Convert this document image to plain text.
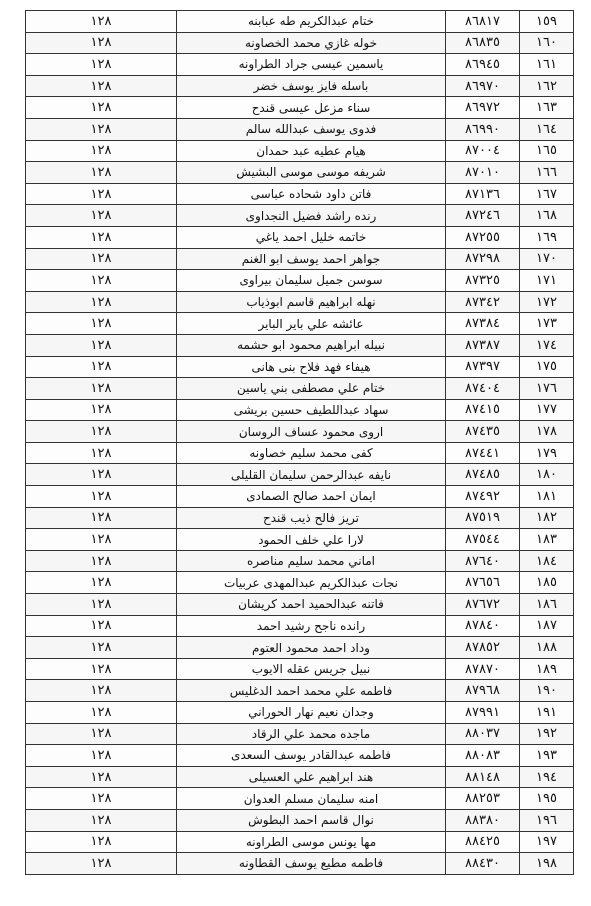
١٥٩	٨٦٨١٧	ختام عبدالكريم طه عبابنه	١٢٨
١٦٠	٨٦٨٣٥	خوله غازي محمد الخصاونه	١٢٨
١٦١	٨٦٩٤٥	ياسمين عيسى جراد الطراونه	١٢٨
١٦٢	٨٦٩٧٠	باسله فايز يوسف خضر	١٢٨
١٦٣	٨٦٩٧٢	سناء مزعل عيسى قندح	١٢٨
١٦٤	٨٦٩٩٠	فدوى يوسف عبدالله سالم	١٢٨
١٦٥	٨٧٠٠٤	هيام عطيه عبد حمدان	١٢٨
١٦٦	٨٧٠١٠	شريفه موسى موسى البشيش	١٢٨
١٦٧	٨٧١٣٦	فاتن داود شحاده عباسى	١٢٨
١٦٨	٨٧٢٤٦	رنده راشد فضيل النجداوى	١٢٨
١٦٩	٨٧٢٥٥	خاتمه خليل احمد ياغي	١٢٨
١٧٠	٨٧٢٩٨	جواهر احمد يوسف ابو الغنم	١٢٨
١٧١	٨٧٣٢٥	سوسن جميل سليمان بيراوى	١٢٨
١٧٢	٨٧٣٤٢	نهله ابراهيم قاسم ابوذياب	١٢٨
١٧٣	٨٧٣٨٤	عائشه علي باير الباير	١٢٨
١٧٤	٨٧٣٨٧	نبيله ابراهيم محمود ابو حشمه	١٢٨
١٧٥	٨٧٣٩٧	هيفاء فهد فلاح بنى هانى	١٢٨
١٧٦	٨٧٤٠٤	ختام علي مصطفى بني ياسين	١٢٨
١٧٧	٨٧٤١٥	سهاد عبداللطيف حسين بريشى	١٢٨
١٧٨	٨٧٤٣٥	اروى محمود عساف الروسان	١٢٨
١٧٩	٨٧٤٤١	كفى محمد سليم خصاونه	١٢٨
١٨٠	٨٧٤٨٥	نايفه عبدالرحمن سليمان القليلى	١٢٨
١٨١	٨٧٤٩٢	ايمان احمد صالح الصمادى	١٢٨
١٨٢	٨٧٥١٩	تريز فالح ذيب قندح	١٢٨
١٨٣	٨٧٥٤٤	لارا علي خلف الحمود	١٢٨
١٨٤	٨٧٦٤٠	اماني محمد سليم مناصره	١٢٨
١٨٥	٨٧٦٥٦	نجات عبدالكريم عبدالمهدى عربيات	١٢٨
١٨٦	٨٧٦٧٢	فاتنه عبدالحميد احمد كريشان	١٢٨
١٨٧	٨٧٨٤٠	رانده ناجح رشيد احمد	١٢٨
١٨٨	٨٧٨٥٢	وداد احمد محمود العتوم	١٢٨
١٨٩	٨٧٨٧٠	نبيل جريس عقله الايوب	١٢٨
١٩٠	٨٧٩٦٨	فاطمه علي محمد احمد الدغليس	١٢٨
١٩١	٨٧٩٩١	وجدان نعيم نهار الحوراني	١٢٨
١٩٢	٨٨٠٣٧	ماجده محمد علي الرقاد	١٢٨
١٩٣	٨٨٠٨٣	فاطمه عبدالقادر يوسف السعدى	١٢٨
١٩٤	٨٨١٤٨	هند ابراهيم علي العسيلى	١٢٨
١٩٥	٨٨٢٥٣	امنه سليمان مسلم العدوان	١٢٨
١٩٦	٨٨٣٨٠	نوال قاسم احمد البطوش	١٢٨
١٩٧	٨٨٤٢٥	مها يونس موسى الطراونه	١٢٨
١٩٨	٨٨٤٣٠	فاطمه مطيع يوسف القطاونه	١٢٨
